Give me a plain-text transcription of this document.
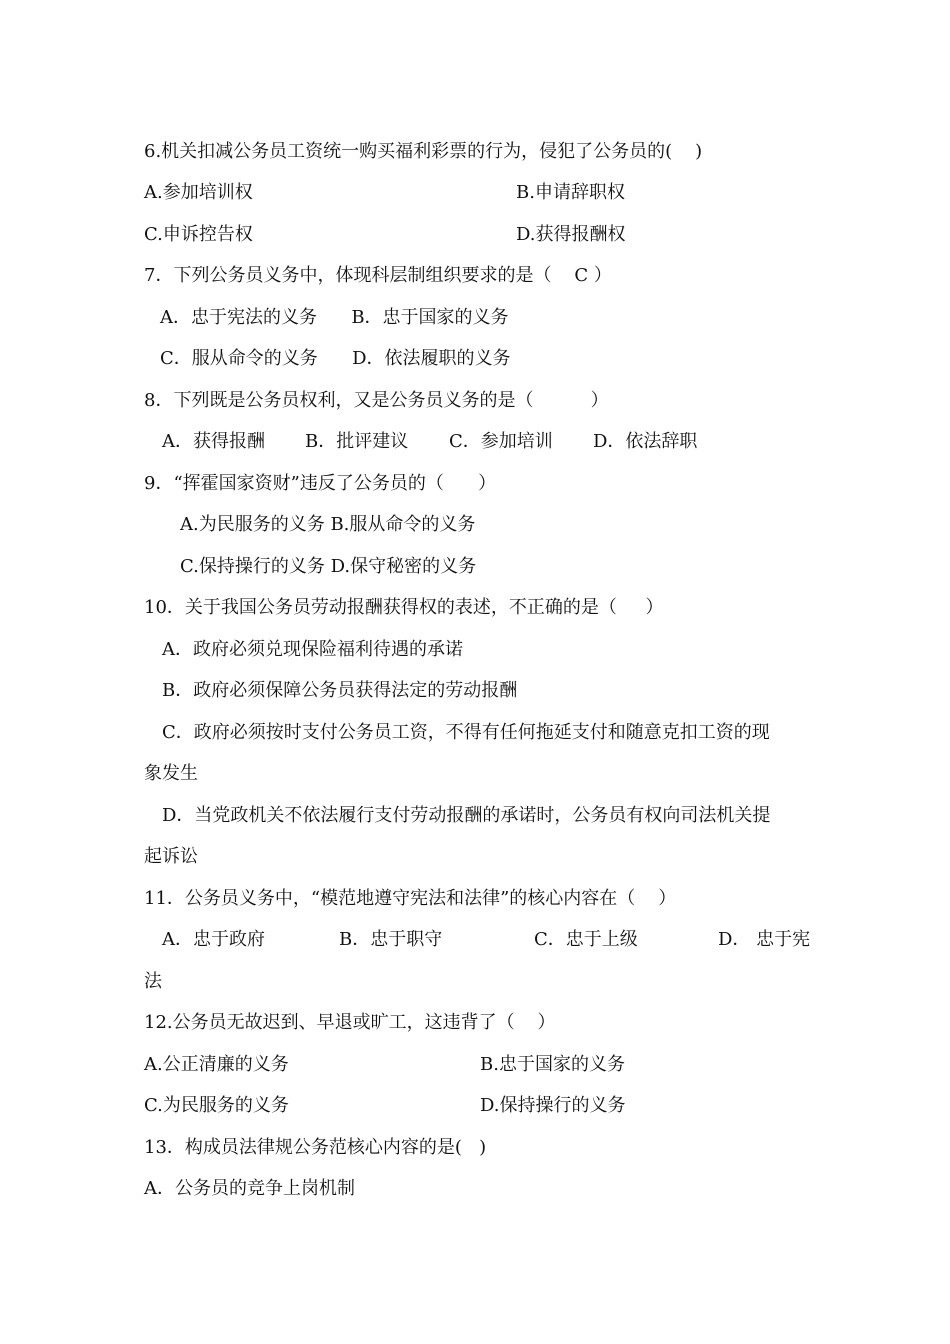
6.机关扣减公务员工资统一购买福利彩票的行为，侵犯了公务员的(    )
A.参加培训权	B.申请辞职权
C.申诉控告权	D.获得报酬权
7．下列公务员义务中，体现科层制组织要求的是（    C ）
A．忠于宪法的义务      B．忠于国家的义务
C．服从命令的义务      D．依法履职的义务
8．下列既是公务员权利，又是公务员义务的是（          ）
A．获得报酬 B．批评建议 C．参加培训 D．依法辞职
9．“挥霍国家资财”违反了公务员的（      ）
A.为民服务的义务 B.服从命令的义务
C.保持操行的义务 D.保守秘密的义务
10．关于我国公务员劳动报酬获得权的表述，不正确的是（     ）
A．政府必须兑现保险福利待遇的承诺
B．政府必须保障公务员获得法定的劳动报酬
C．政府必须按时支付公务员工资，不得有任何拖延支付和随意克扣工资的现
象发生
D．当党政机关不依法履行支付劳动报酬的承诺时，公务员有权向司法机关提
起诉讼
11．公务员义务中，“模范地遵守宪法和法律”的核心内容在（    ）
A．忠于政府	B．忠于职守	C．忠于上级	D． 忠于宪
法
12.公务员无故迟到、早退或旷工，这违背了（    ）
A.公正清廉的义务	B.忠于国家的义务
C.为民服务的义务	D.保持操行的义务
13．构成员法律规公务范核心内容的是(   )
A．公务员的竞争上岗机制
